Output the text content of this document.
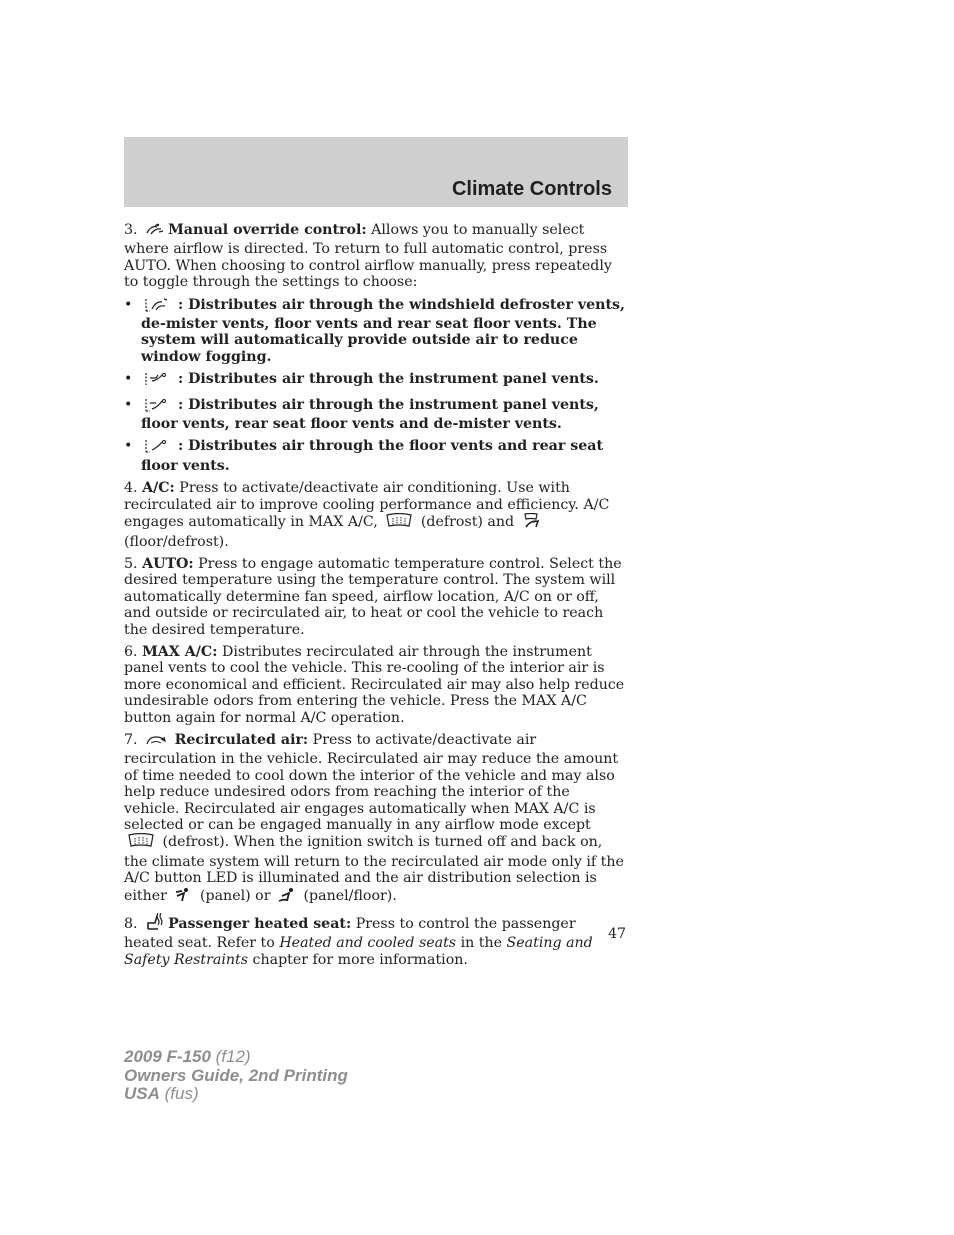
Climate Controls

3. Manual override control: Allows you to manually select where airflow is directed. To return to full automatic control, press AUTO. When choosing to control airflow manually, press repeatedly to toggle through the settings to choose:

•	: Distributes air through the windshield defroster vents, de-mister vents, floor vents and rear seat floor vents. The system will automatically provide outside air to reduce window fogging.
•	: Distributes air through the instrument panel vents.
•	: Distributes air through the instrument panel vents, floor vents, rear seat floor vents and de-mister vents.
•	: Distributes air through the floor vents and rear seat floor vents.

4. A/C: Press to activate/deactivate air conditioning. Use with recirculated air to improve cooling performance and efficiency. A/C engages automatically in MAX A/C,  (defrost) and  (floor/defrost).

5. AUTO: Press to engage automatic temperature control. Select the desired temperature using the temperature control. The system will automatically determine fan speed, airflow location, A/C on or off, and outside or recirculated air, to heat or cool the vehicle to reach the desired temperature.

6. MAX A/C: Distributes recirculated air through the instrument panel vents to cool the vehicle. This re-cooling of the interior air is more economical and efficient. Recirculated air may also help reduce undesirable odors from entering the vehicle. Press the MAX A/C button again for normal A/C operation.

7.	Recirculated air: Press to activate/deactivate air recirculation in the vehicle. Recirculated air may reduce the amount of time needed to cool down the interior of the vehicle and may also help reduce undesired odors from reaching the interior of the vehicle. Recirculated air engages automatically when MAX A/C is selected or can be engaged manually in any airflow mode except  (defrost). When the ignition switch is turned off and back on, the climate system will return to the recirculated air mode only if the A/C button LED is illuminated and the air distribution selection is either  (panel) or  (panel/floor).

8. Passenger heated seat: Press to control the passenger heated seat. Refer to Heated and cooled seats in the Seating and Safety Restraints chapter for more information.

47
2009 F-150 (f12)
Owners Guide, 2nd Printing
USA (fus)
